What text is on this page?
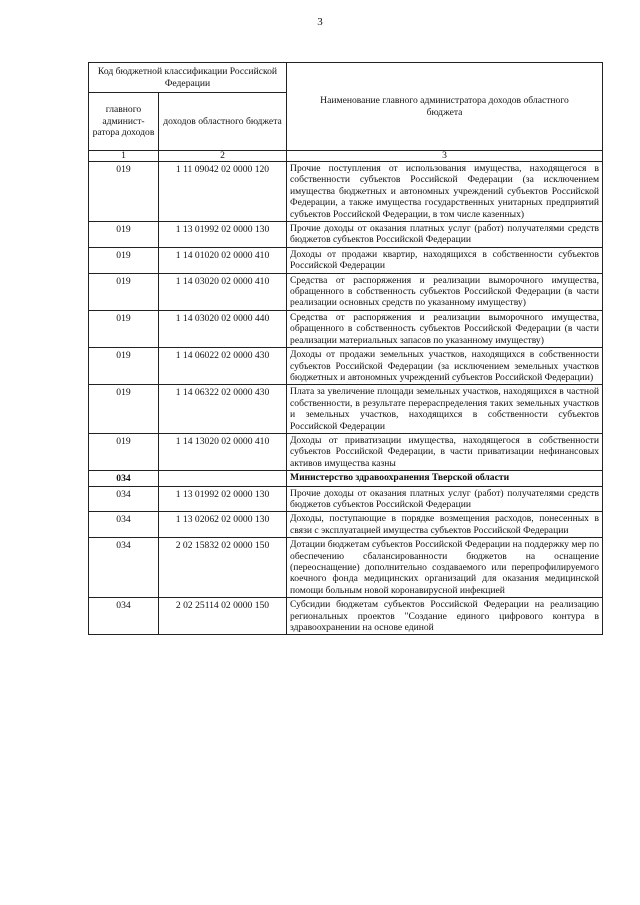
3
Код бюджетной классификации Российской Федерации		Наименование главного администратора доходов областного бюджета
главного админист-ратора доходов	доходов областного бюджета	
1	2	3
019	1 11 09042 02 0000 120	Прочие поступления от использования имущества, находящегося в собственности субъектов Российской Федерации (за исключением имущества бюджетных и автономных учреждений субъектов Российской Федерации, а также имущества государственных унитарных предприятий субъектов Российской Федерации, в том числе казенных)
019	1 13 01992 02 0000 130	Прочие доходы от оказания платных услуг (работ) получателями средств бюджетов субъектов Российской Федерации
019	1 14 01020 02 0000 410	Доходы от продажи квартир, находящихся в собственности субъектов Российской Федерации
019	1 14 03020 02 0000 410	Средства от распоряжения и реализации выморочного имущества, обращенного в собственность субъектов Российской Федерации (в части реализации основных средств по указанному имуществу)
019	1 14 03020 02 0000 440	Средства от распоряжения и реализации выморочного имущества, обращенного в собственность субъектов Российской Федерации (в части реализации материальных запасов по указанному имуществу)
019	1 14 06022 02 0000 430	Доходы от продажи земельных участков, находящихся в собственности субъектов Российской Федерации (за исключением земельных участков бюджетных и автономных учреждений субъектов Российской Федерации)
019	1 14 06322 02 0000 430	Плата за увеличение площади земельных участков, находящихся в частной собственности, в результате перераспределения таких земельных участков и земельных участков, находящихся в собственности субъектов Российской Федерации
019	1 14 13020 02 0000 410	Доходы от приватизации имущества, находящегося в собственности субъектов Российской Федерации, в части приватизации нефинансовых активов имущества казны
034		Министерство здравоохранения Тверской области
034	1 13 01992 02 0000 130	Прочие доходы от оказания платных услуг (работ) получателями средств бюджетов субъектов Российской Федерации
034	1 13 02062 02 0000 130	Доходы, поступающие в порядке возмещения расходов, понесенных в связи с эксплуатацией имущества субъектов Российской Федерации
034	2 02 15832 02 0000 150	Дотации бюджетам субъектов Российской Федерации на поддержку мер по обеспечению сбалансированности бюджетов на оснащение (переоснащение) дополнительно создаваемого или перепрофилируемого коечного фонда медицинских организаций для оказания медицинской помощи больным новой коронавирусной инфекцией
034	2 02 25114 02 0000 150	Субсидии бюджетам субъектов Российской Федерации на реализацию региональных проектов "Создание единого цифрового контура в здравоохранении на основе единой
